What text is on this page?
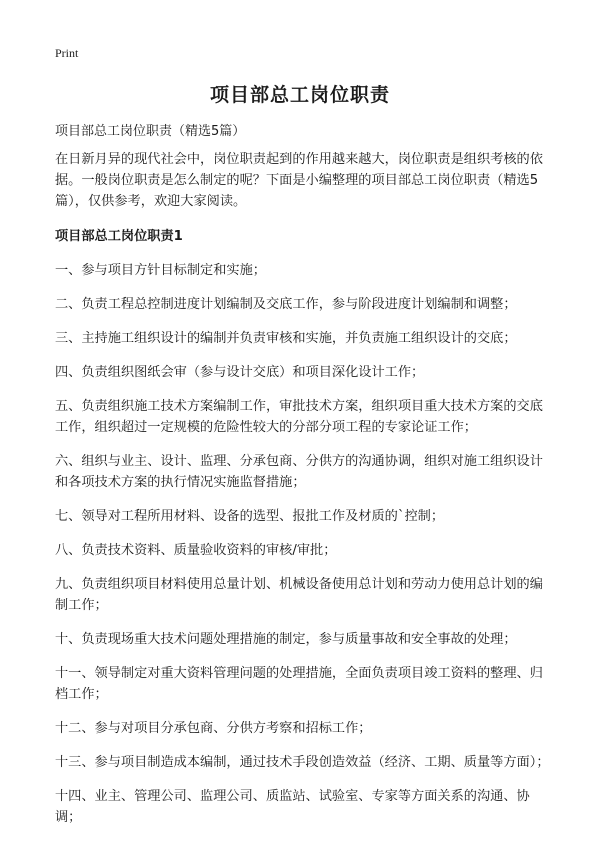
Print
项目部总工岗位职责

项目部总工岗位职责（精选5篇）

在日新月异的现代社会中，岗位职责起到的作用越来越大，岗位职责是组织考核的依据。一般岗位职责是怎么制定的呢？下面是小编整理的项目部总工岗位职责（精选5篇），仅供参考，欢迎大家阅读。

项目部总工岗位职责1

一、参与项目方针目标制定和实施；

二、负责工程总控制进度计划编制及交底工作，参与阶段进度计划编制和调整；

三、主持施工组织设计的编制并负责审核和实施，并负责施工组织设计的交底；

四、负责组织图纸会审（参与设计交底）和项目深化设计工作；

五、负责组织施工技术方案编制工作，审批技术方案，组织项目重大技术方案的交底工作，组织超过一定规模的危险性较大的分部分项工程的专家论证工作；

六、组织与业主、设计、监理、分承包商、分供方的沟通协调，组织对施工组织设计和各项技术方案的执行情况实施监督措施；

七、领导对工程所用材料、设备的选型、报批工作及材质的`控制；

八、负责技术资料、质量验收资料的审核/审批；

九、负责组织项目材料使用总量计划、机械设备使用总计划和劳动力使用总计划的编制工作；

十、负责现场重大技术问题处理措施的制定，参与质量事故和安全事故的处理；

十一、领导制定对重大资料管理问题的处理措施，全面负责项目竣工资料的整理、归档工作；

十二、参与对项目分承包商、分供方考察和招标工作；

十三、参与项目制造成本编制，通过技术手段创造效益（经济、工期、质量等方面）；

十四、业主、管理公司、监理公司、质监站、试验室、专家等方面关系的沟通、协调；
